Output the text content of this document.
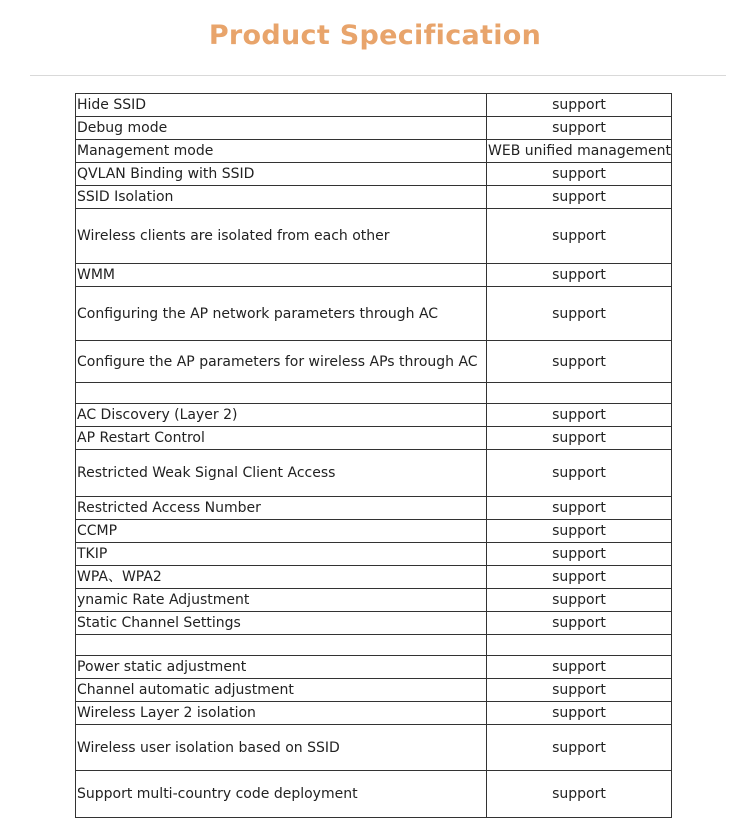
Product Specification
Hide SSID	support
Debug mode	support
Management mode	WEB unified management
QVLAN Binding with SSID	support
SSID Isolation	support
Wireless clients are isolated from each other	support
WMM	support
Configuring the AP network parameters through AC	support
Configure the AP parameters for wireless APs through AC	support

AC Discovery (Layer 2)	support
AP Restart Control	support
Restricted Weak Signal Client Access	support
Restricted Access Number	support
CCMP	support
TKIP	support
WPA、WPA2	support
ynamic Rate Adjustment	support
Static Channel Settings	support

Power static adjustment	support
Channel automatic adjustment	support
Wireless Layer 2 isolation	support
Wireless user isolation based on SSID	support
Support multi-country code deployment	support
